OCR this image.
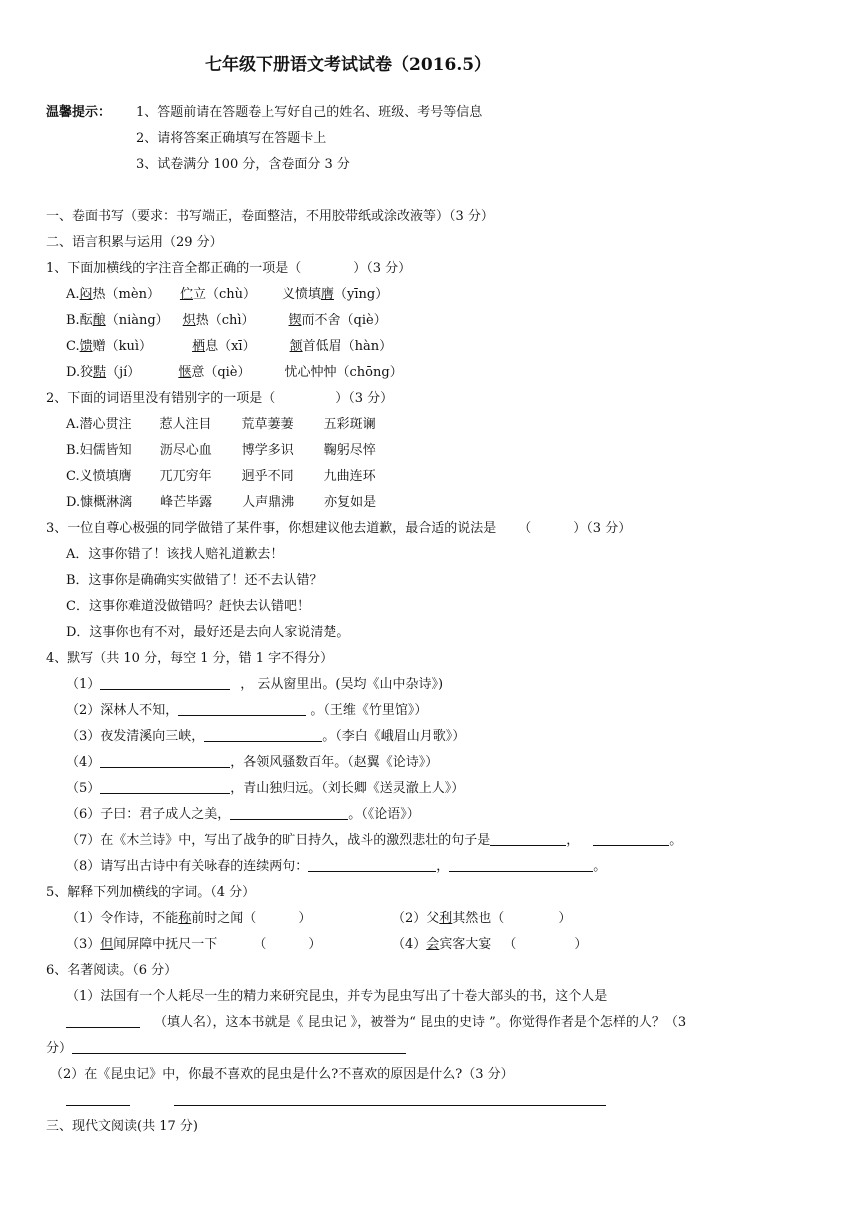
七年级下册语文考试试卷（2016.5）
温馨提示： 1、答题前请在答题卷上写好自己的姓名、班级、考号等信息
2、请将答案正确填写在答题卡上
3、试卷满分 100 分，含卷面分 3 分
一、卷面书写（要求：书写端正，卷面整洁，不用胶带纸或涂改液等）（3 分）
二、语言积累与运用（29 分）
1、下面加横线的字注音全都正确的一项是（	）（3 分）
A.闷热（mèn） 伫立（chù） 义愤填膺（yīng）
B.酝酿（niàng） 炽热（chì）	锲而不舍（qiè）
C.馈赠（kuì）	栖息（xī）	颔首低眉（hàn）
D.狡黠（jí）	惬意（qiè）	忧心忡忡（chōng）
2、下面的词语里没有错别字的一项是（	）（3 分）
A.潜心贯注 惹人注目 荒草萋萋 五彩斑谰
B.妇儒皆知 沥尽心血 博学多识 鞠躬尽悴
C.义愤填膺 兀兀穷年 迥乎不同 九曲连环
D.慷概淋漓 峰芒毕露 人声鼎沸 亦复如是
3、一位自尊心极强的同学做错了某件事，你想建议他去道歉，最合适的说法是 （	）（3 分）
A．这事你错了！该找人赔礼道歉去！
B．这事你是确确实实做错了！还不去认错？
C．这事你难道没做错吗？赶快去认错吧！
D．这事你也有不对，最好还是去向人家说清楚。
4、默写（共 10 分，每空 1 分，错 1 字不得分）
（1）	， 云从窗里出。(吴均《山中杂诗》)
（2）深林人不知，	。（王维《竹里馆》）
（3）夜发清溪向三峡，	。（李白《峨眉山月歌》）
（4）	，各领风骚数百年。（赵翼《论诗》）
（5）	，青山独归远。（刘长卿《送灵澈上人》）
（6）子曰：君子成人之美，	。（《论语》）
（7）在《木兰诗》中，写出了战争的旷日持久，战斗的激烈悲壮的句子是	，	。
（8）请写出古诗中有关咏春的连续两句：	，	。
5、解释下列加横线的字词。（4 分）
（1）令作诗，不能称前时之闻（	）	（2）父利其然也（	）
（3）但闻屏障中抚尺一下	（	）	（4）会宾客大宴 （	）
6、名著阅读。（6 分）
（1）法国有一个人耗尽一生的精力来研究昆虫，并专为昆虫写出了十卷大部头的书，这个人是
（填人名），这本书就是《 昆虫记 》，被誉为“ 昆虫的史诗 ”。你觉得作者是个怎样的人？（3
分）
（2）在《昆虫记》中，你最不喜欢的昆虫是什么?不喜欢的原因是什么?（3 分）
三、现代文阅读(共 17 分)
